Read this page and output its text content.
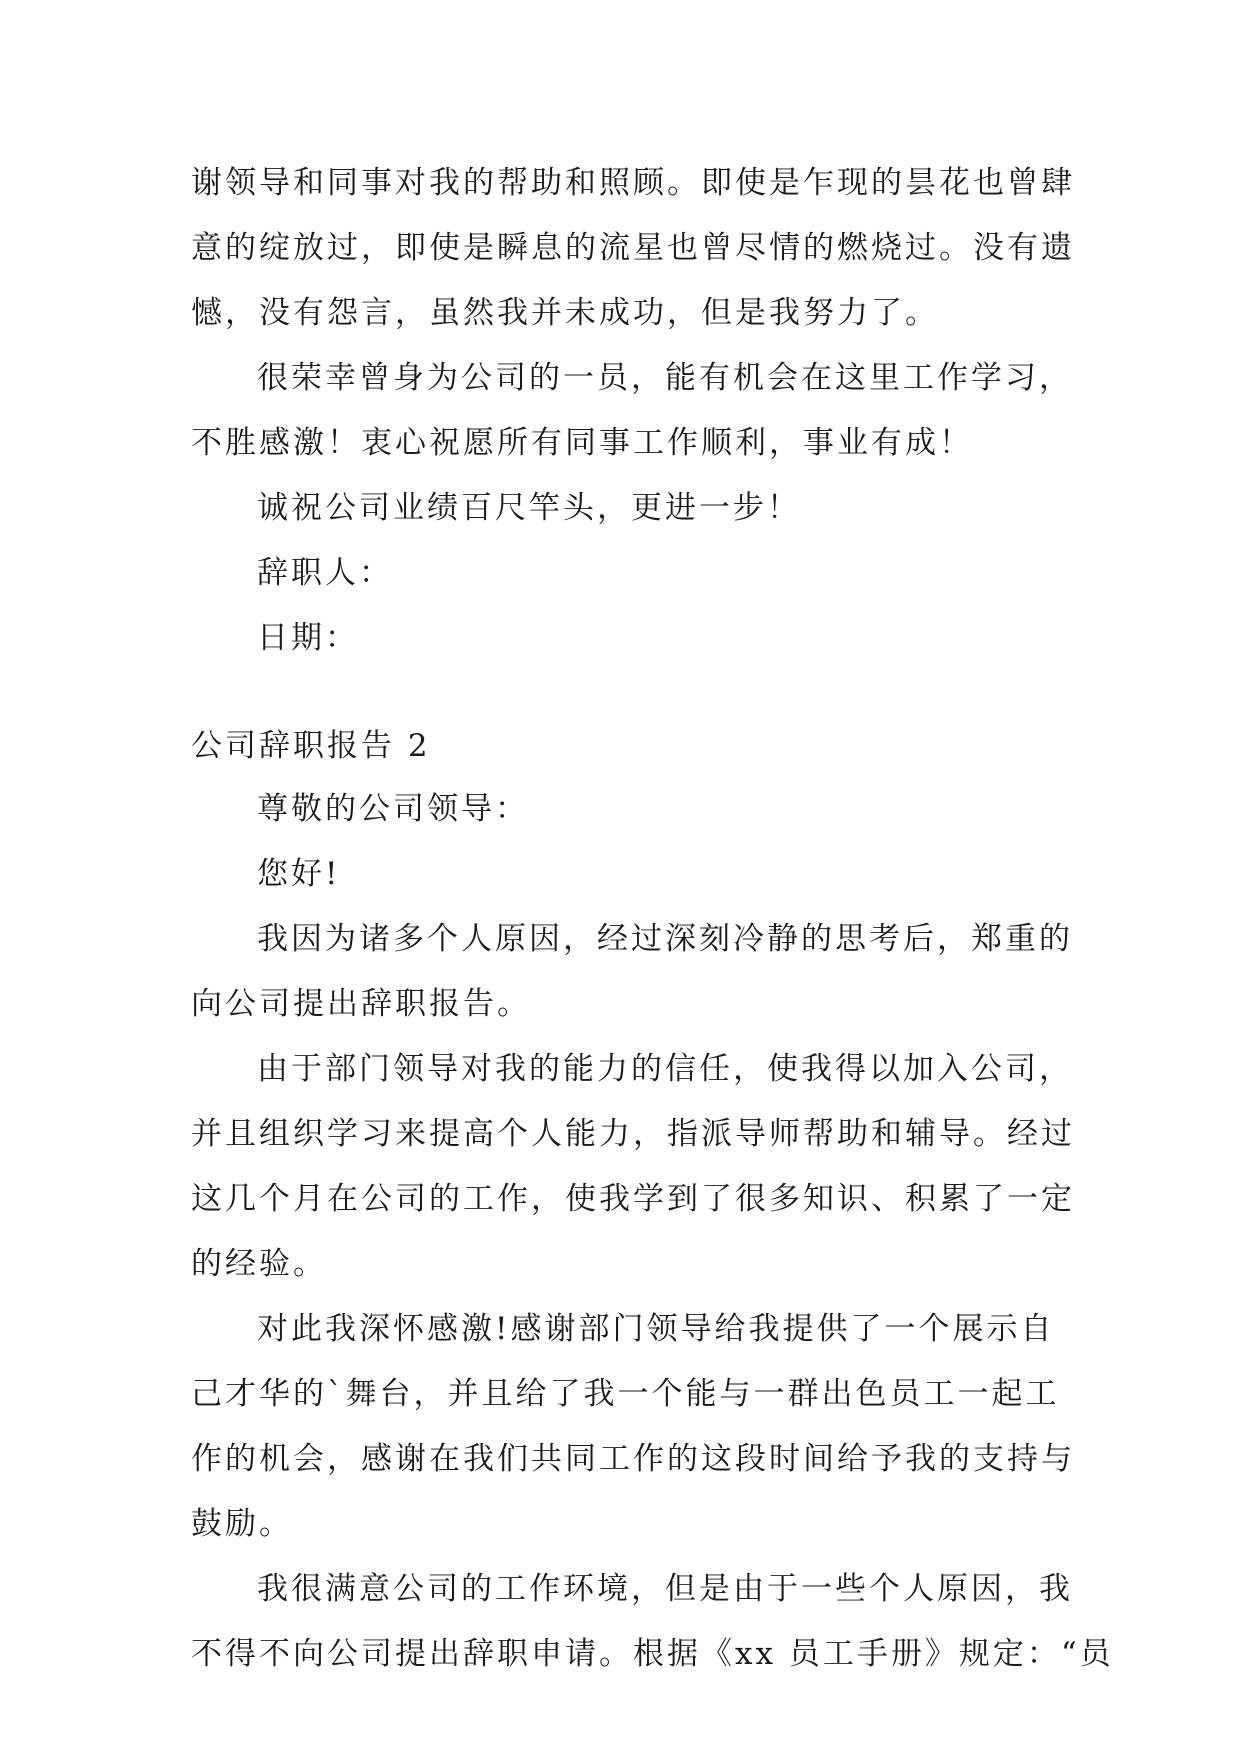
谢领导和同事对我的帮助和照顾。即使是乍现的昙花也曾肆
意的绽放过，即使是瞬息的流星也曾尽情的燃烧过。没有遗
憾，没有怨言，虽然我并未成功，但是我努力了。
很荣幸曾身为公司的一员，能有机会在这里工作学习，
不胜感激！衷心祝愿所有同事工作顺利，事业有成！
诚祝公司业绩百尺竿头，更进一步！
辞职人：
日期：
公司辞职报告 2
尊敬的公司领导：
您好!
我因为诸多个人原因，经过深刻冷静的思考后，郑重的
向公司提出辞职报告。
由于部门领导对我的能力的信任，使我得以加入公司，
并且组织学习来提高个人能力，指派导师帮助和辅导。经过
这几个月在公司的工作，使我学到了很多知识、积累了一定
的经验。
对此我深怀感激!感谢部门领导给我提供了一个展示自
己才华的`舞台，并且给了我一个能与一群出色员工一起工
作的机会，感谢在我们共同工作的这段时间给予我的支持与
鼓励。
我很满意公司的工作环境，但是由于一些个人原因，我
不得不向公司提出辞职申请。根据《xx 员工手册》规定：“员
